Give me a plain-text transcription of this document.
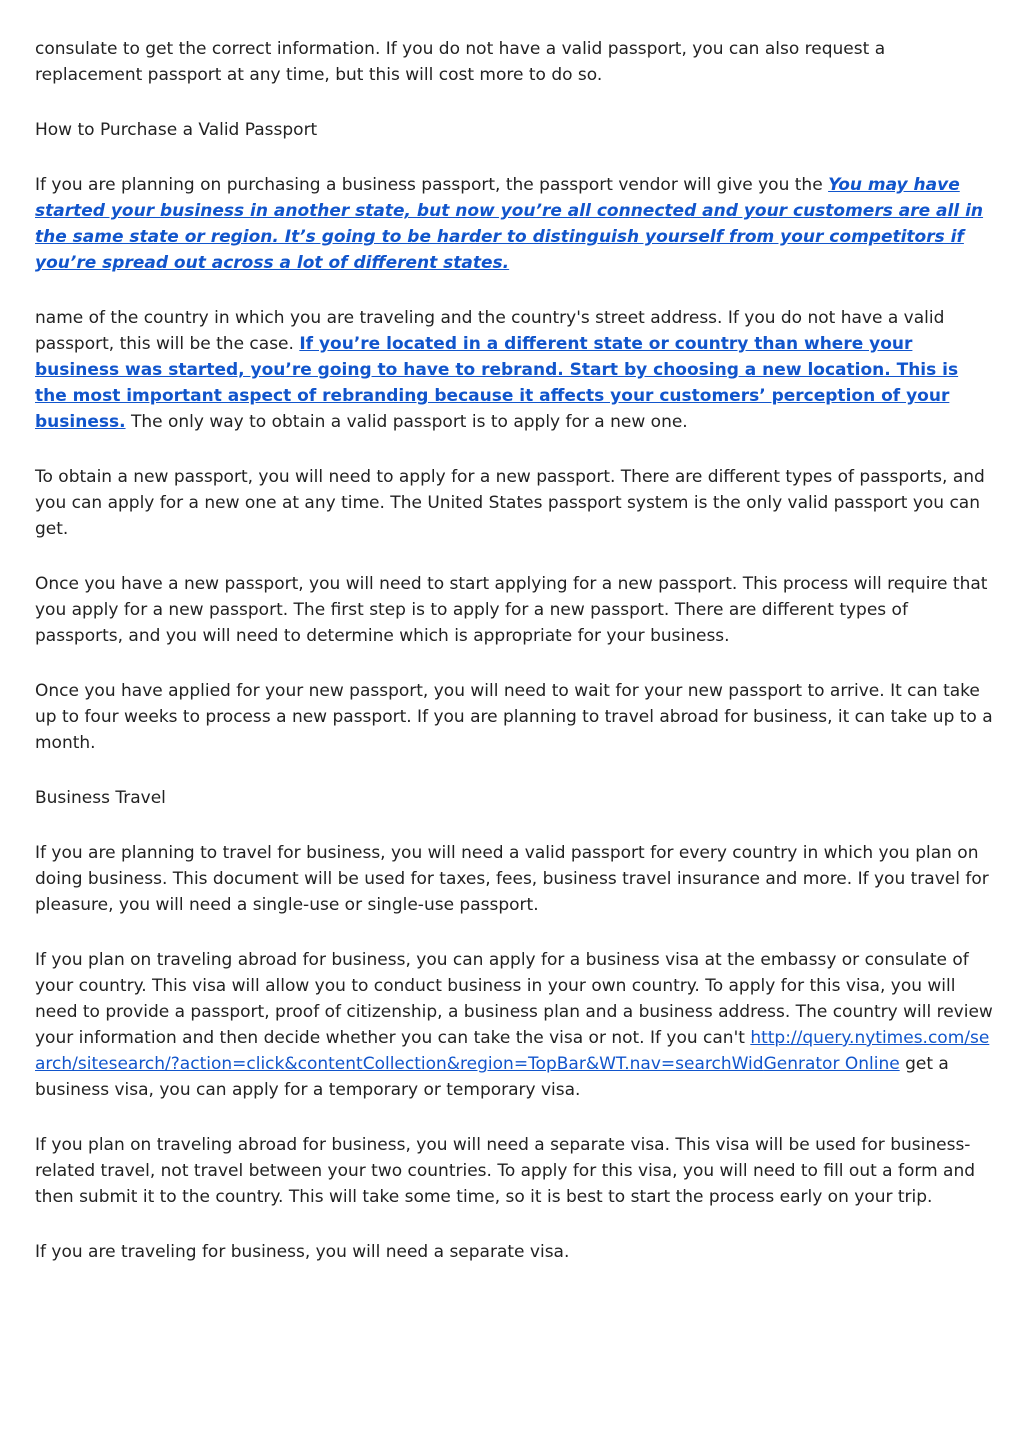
consulate to get the correct information. If you do not have a valid passport, you can also request a replacement passport at any time, but this will cost more to do so.

How to Purchase a Valid Passport

If you are planning on purchasing a business passport, the passport vendor will give you the You may have started your business in another state, but now you’re all connected and your customers are all in the same state or region. It’s going to be harder to distinguish yourself from your competitors if you’re spread out across a lot of different states.

name of the country in which you are traveling and the country's street address. If you do not have a valid passport, this will be the case. If you’re located in a different state or country than where your business was started, you’re going to have to rebrand. Start by choosing a new location. This is the most important aspect of rebranding because it affects your customers’ perception of your business. The only way to obtain a valid passport is to apply for a new one.

To obtain a new passport, you will need to apply for a new passport. There are different types of passports, and you can apply for a new one at any time. The United States passport system is the only valid passport you can get.

Once you have a new passport, you will need to start applying for a new passport. This process will require that you apply for a new passport. The first step is to apply for a new passport. There are different types of passports, and you will need to determine which is appropriate for your business.

Once you have applied for your new passport, you will need to wait for your new passport to arrive. It can take up to four weeks to process a new passport. If you are planning to travel abroad for business, it can take up to a month.

Business Travel

If you are planning to travel for business, you will need a valid passport for every country in which you plan on doing business. This document will be used for taxes, fees, business travel insurance and more. If you travel for pleasure, you will need a single-use or single-use passport.

If you plan on traveling abroad for business, you can apply for a business visa at the embassy or consulate of your country. This visa will allow you to conduct business in your own country. To apply for this visa, you will need to provide a passport, proof of citizenship, a business plan and a business address. The country will review your information and then decide whether you can take the visa or not. If you can't http://query.nytimes.com/search/sitesearch/?action=click&contentCollection&region=TopBar&WT.nav=searchWidGenrator Online get a business visa, you can apply for a temporary or temporary visa.

If you plan on traveling abroad for business, you will need a separate visa. This visa will be used for business-related travel, not travel between your two countries. To apply for this visa, you will need to fill out a form and then submit it to the country. This will take some time, so it is best to start the process early on your trip.

If you are traveling for business, you will need a separate visa.
